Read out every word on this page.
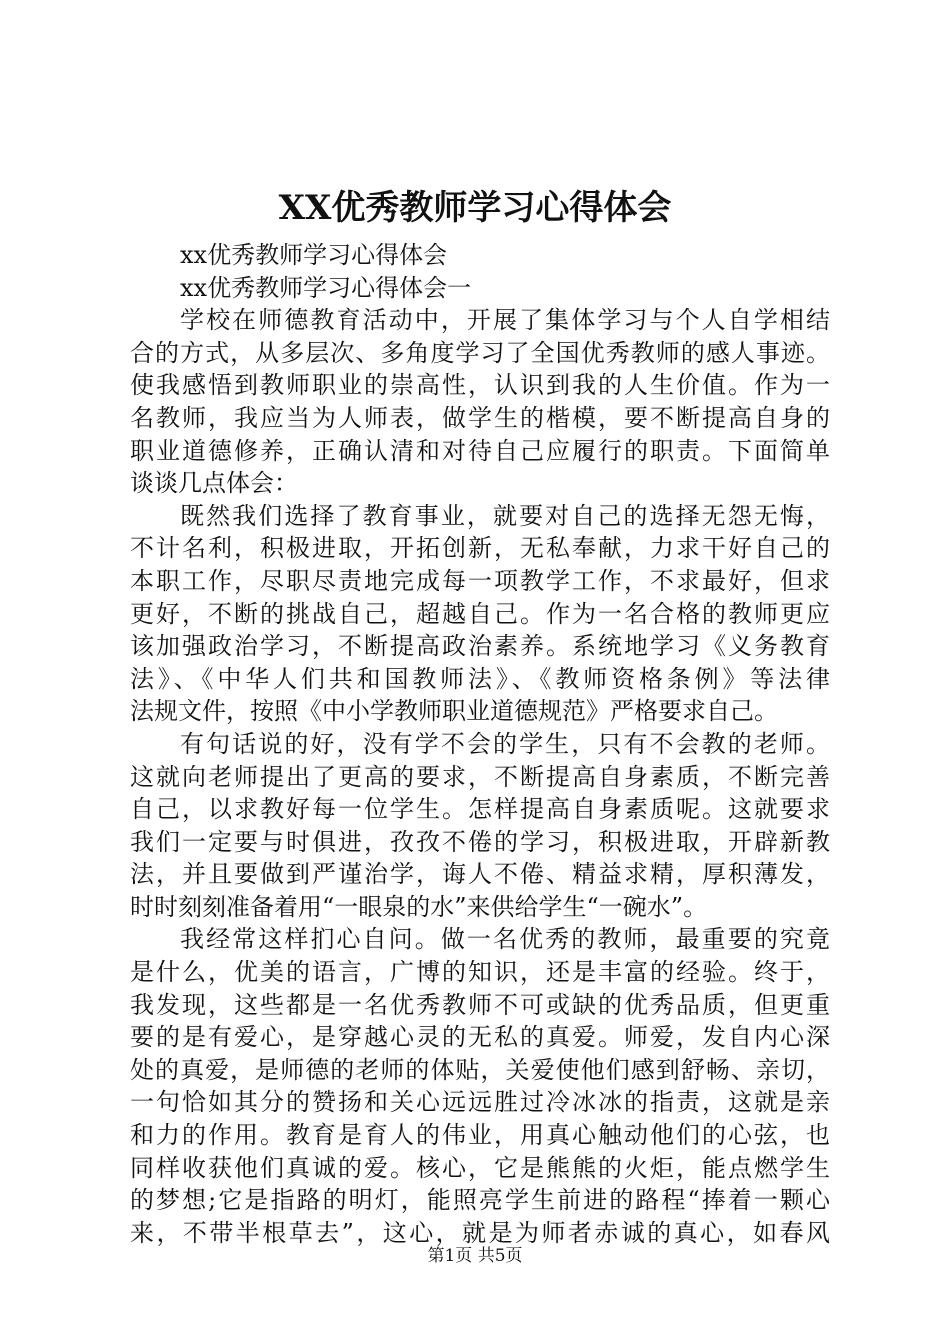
XX优秀教师学习心得体会
xx优秀教师学习心得体会
xx优秀教师学习心得体会一
学校在师德教育活动中，开展了集体学习与个人自学相结
合的方式，从多层次、多角度学习了全国优秀教师的感人事迹。
使我感悟到教师职业的崇高性，认识到我的人生价值。作为一
名教师，我应当为人师表，做学生的楷模，要不断提高自身的
职业道德修养，正确认清和对待自己应履行的职责。下面简单
谈谈几点体会：
既然我们选择了教育事业，就要对自己的选择无怨无悔，
不计名利，积极进取，开拓创新，无私奉献，力求干好自己的
本职工作，尽职尽责地完成每一项教学工作，不求最好，但求
更好，不断的挑战自己，超越自己。作为一名合格的教师更应
该加强政治学习，不断提高政治素养。系统地学习《义务教育
法》、《中华人们共和国教师法》、《教师资格条例》等法律
法规文件，按照《中小学教师职业道德规范》严格要求自己。
有句话说的好，没有学不会的学生，只有不会教的老师。
这就向老师提出了更高的要求，不断提高自身素质，不断完善
自己，以求教好每一位学生。怎样提高自身素质呢。这就要求
我们一定要与时俱进，孜孜不倦的学习，积极进取，开辟新教
法，并且要做到严谨治学，诲人不倦、精益求精，厚积薄发，
时时刻刻准备着用“一眼泉的水”来供给学生“一碗水”。
我经常这样扪心自问。做一名优秀的教师，最重要的究竟
是什么，优美的语言，广博的知识，还是丰富的经验。终于，
我发现，这些都是一名优秀教师不可或缺的优秀品质，但更重
要的是有爱心，是穿越心灵的无私的真爱。师爱，发自内心深
处的真爱，是师德的老师的体贴，关爱使他们感到舒畅、亲切，
一句恰如其分的赞扬和关心远远胜过冷冰冰的指责，这就是亲
和力的作用。教育是育人的伟业，用真心触动他们的心弦，也
同样收获他们真诚的爱。核心，它是熊熊的火炬，能点燃学生
的梦想;它是指路的明灯，能照亮学生前进的路程“捧着一颗心
来，不带半根草去”，这心，就是为师者赤诚的真心，如春风
第1页 共5页
